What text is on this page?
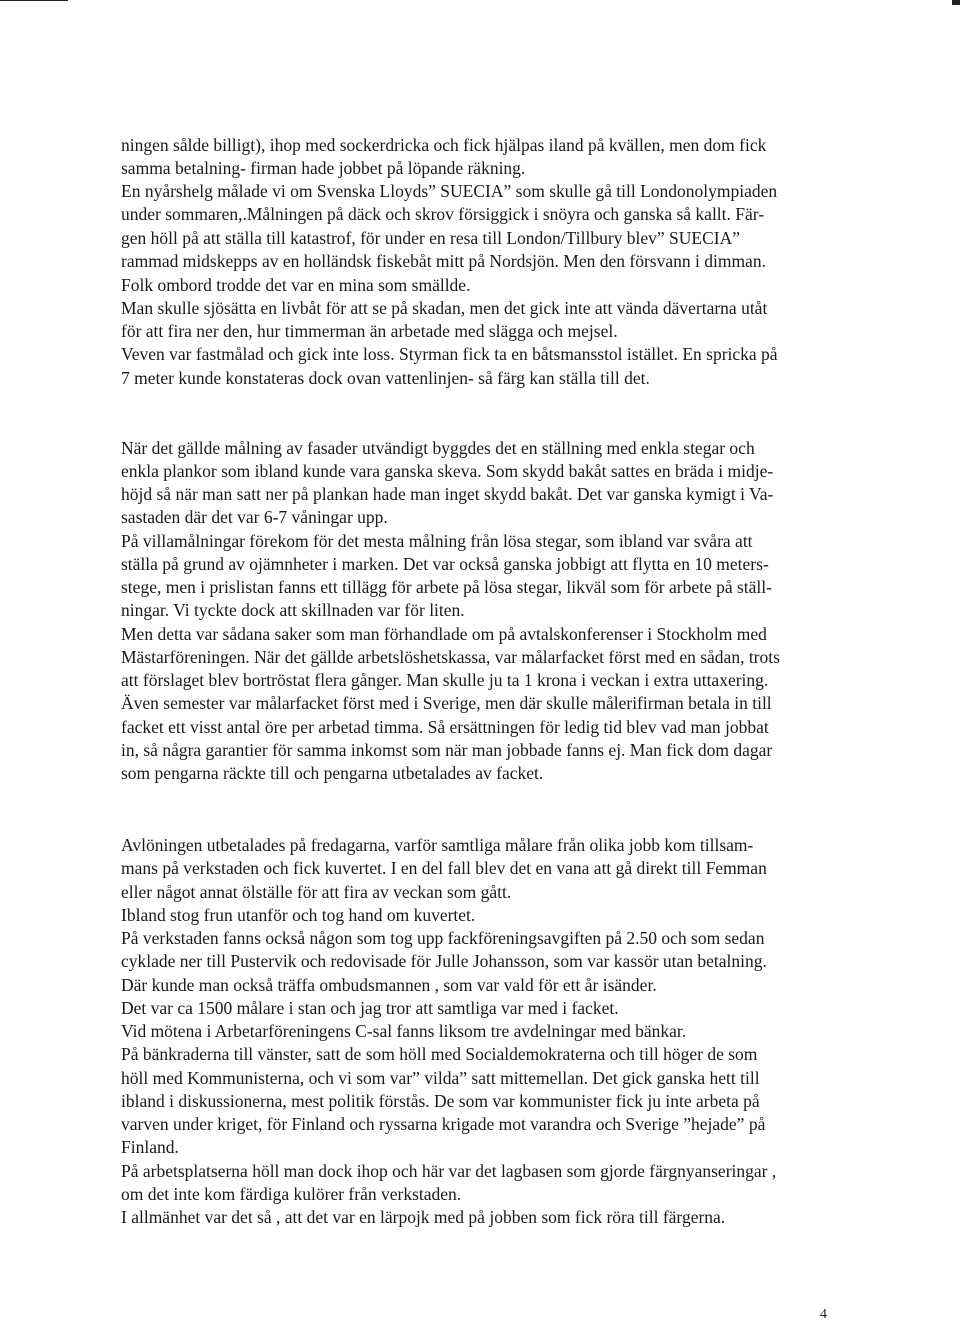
ningen sålde billigt), ihop med sockerdricka och fick hjälpas iland på kvällen, men dom fick
samma betalning- firman hade jobbet på löpande räkning.
En nyårshelg målade vi om Svenska Lloyds” SUECIA” som skulle gå till Londonolympiaden
under sommaren,.Målningen på däck och skrov försiggick i snöyra och ganska så kallt. Fär-
gen höll på att ställa till katastrof, för under en resa till London/Tillbury blev” SUECIA”
rammad midskepps av en holländsk fiskebåt mitt på Nordsjön. Men den försvann i dimman.
Folk ombord trodde det var en mina som smällde.
Man skulle sjösätta en livbåt för att se på skadan, men det gick inte att vända dävertarna utåt
för att fira ner den, hur timmerman än arbetade med slägga och mejsel.
Veven var fastmålad och gick inte loss. Styrman fick ta en båtsmansstol istället. En spricka på
7 meter kunde konstateras dock ovan vattenlinjen- så färg kan ställa till det.
När det gällde målning av fasader utvändigt byggdes det en ställning med enkla stegar och
enkla plankor som ibland kunde vara ganska skeva. Som skydd bakåt sattes en bräda i midje-
höjd så när man satt ner på plankan hade man inget skydd bakåt. Det var ganska kymigt i Va-
sastaden där det var 6-7 våningar upp.
På villamålningar förekom för det mesta målning från lösa stegar, som ibland var svåra att
ställa på grund av ojämnheter i marken. Det var också ganska jobbigt att flytta en 10 meters-
stege, men i prislistan fanns ett tillägg för arbete på lösa stegar, likväl som för arbete på ställ-
ningar. Vi tyckte dock att skillnaden var för liten.
Men detta var sådana saker som man förhandlade om på avtalskonferenser i Stockholm med
Mästarföreningen. När det gällde arbetslöshetskassa, var målarfacket först med en sådan, trots
att förslaget blev bortröstat flera gånger. Man skulle ju ta 1 krona i veckan i extra uttaxering.
Även semester var målarfacket först med i Sverige, men där skulle målerifirman betala in till
facket ett visst antal öre per arbetad timma. Så ersättningen för ledig tid blev vad man jobbat
in, så några garantier för samma inkomst som när man jobbade fanns ej. Man fick dom dagar
som pengarna räckte till och pengarna utbetalades av facket.
Avlöningen utbetalades på fredagarna, varför samtliga målare från olika jobb kom tillsam-
mans på verkstaden och fick kuvertet. I en del fall blev det en vana att gå direkt till Femman
eller något annat ölställe för att fira av veckan som gått.
Ibland stog frun utanför och tog hand om kuvertet.
På verkstaden fanns också någon som tog upp fackföreningsavgiften på 2.50 och som sedan
cyklade ner till Pustervik och redovisade för Julle Johansson, som var kassör utan betalning.
Där kunde man också träffa ombudsmannen , som var vald för ett år isänder.
Det var ca 1500 målare i stan och jag tror att samtliga var med i facket.
Vid mötena i Arbetarföreningens C-sal fanns liksom tre avdelningar med bänkar.
På bänkraderna till vänster, satt de som höll med Socialdemokraterna och till höger de som
höll med Kommunisterna, och vi som var” vilda” satt mittemellan. Det gick ganska hett till
ibland i diskussionerna, mest politik förstås. De som var kommunister fick ju inte arbeta på
varven under kriget, för Finland och ryssarna krigade mot varandra och Sverige ”hejade” på
Finland.
På arbetsplatserna höll man dock ihop och här var det lagbasen som gjorde färgnyanseringar ,
om det inte kom färdiga kulörer från verkstaden.
I allmänhet var det så , att det var en lärpojk med på jobben som fick röra till färgerna.
4
